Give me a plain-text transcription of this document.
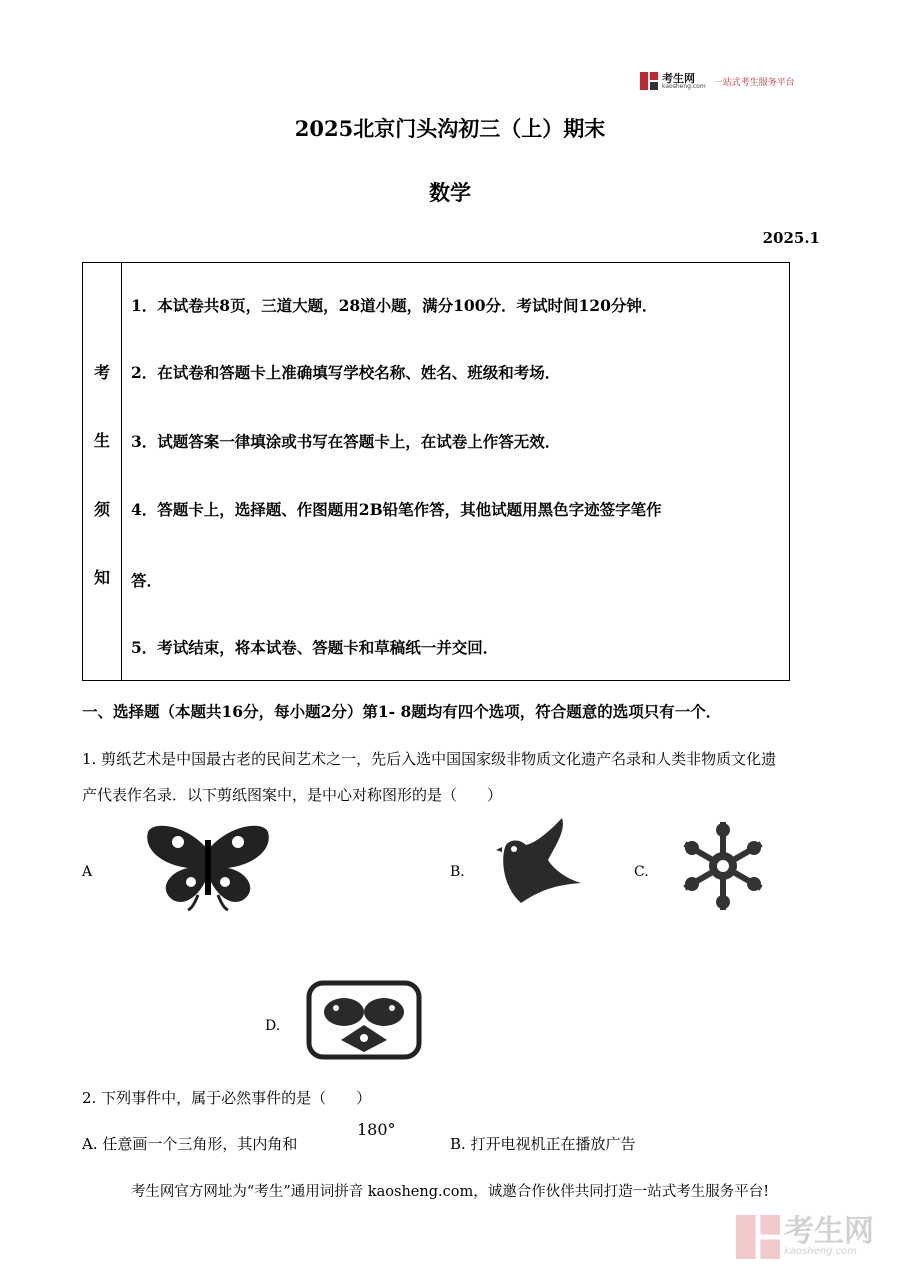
考生网
kaosheng.com 一站式考生服务平台
2025北京门头沟初三（上）期末
数学
2025.1
考
生
须
知
1．本试卷共8页，三道大题，28道小题，满分100分．考试时间120分钟．
2．在试卷和答题卡上准确填写学校名称、姓名、班级和考场．
3．试题答案一律填涂或书写在答题卡上，在试卷上作答无效．
4．答题卡上，选择题、作图题用2B铅笔作答，其他试题用黑色字迹签字笔作
答．
5．考试结束，将本试卷、答题卡和草稿纸一并交回．
一、选择题（本题共16分，每小题2分）第1- 8题均有四个选项，符合题意的选项只有一个．
1. 剪纸艺术是中国最古老的民间艺术之一，先后入选中国国家级非物质文化遗产名录和人类非物质文化遗
产代表作名录．以下剪纸图案中，是中心对称图形的是（　　）
A	B.	C.
D.
2. 下列事件中，属于必然事件的是（　　）
A. 任意画一个三角形，其内角和
180°
B. 打开电视机正在播放广告
考生网官方网址为“考生”通用词拼音 kaosheng.com，诚邀合作伙伴共同打造一站式考生服务平台!
考生网
kaosheng.com
